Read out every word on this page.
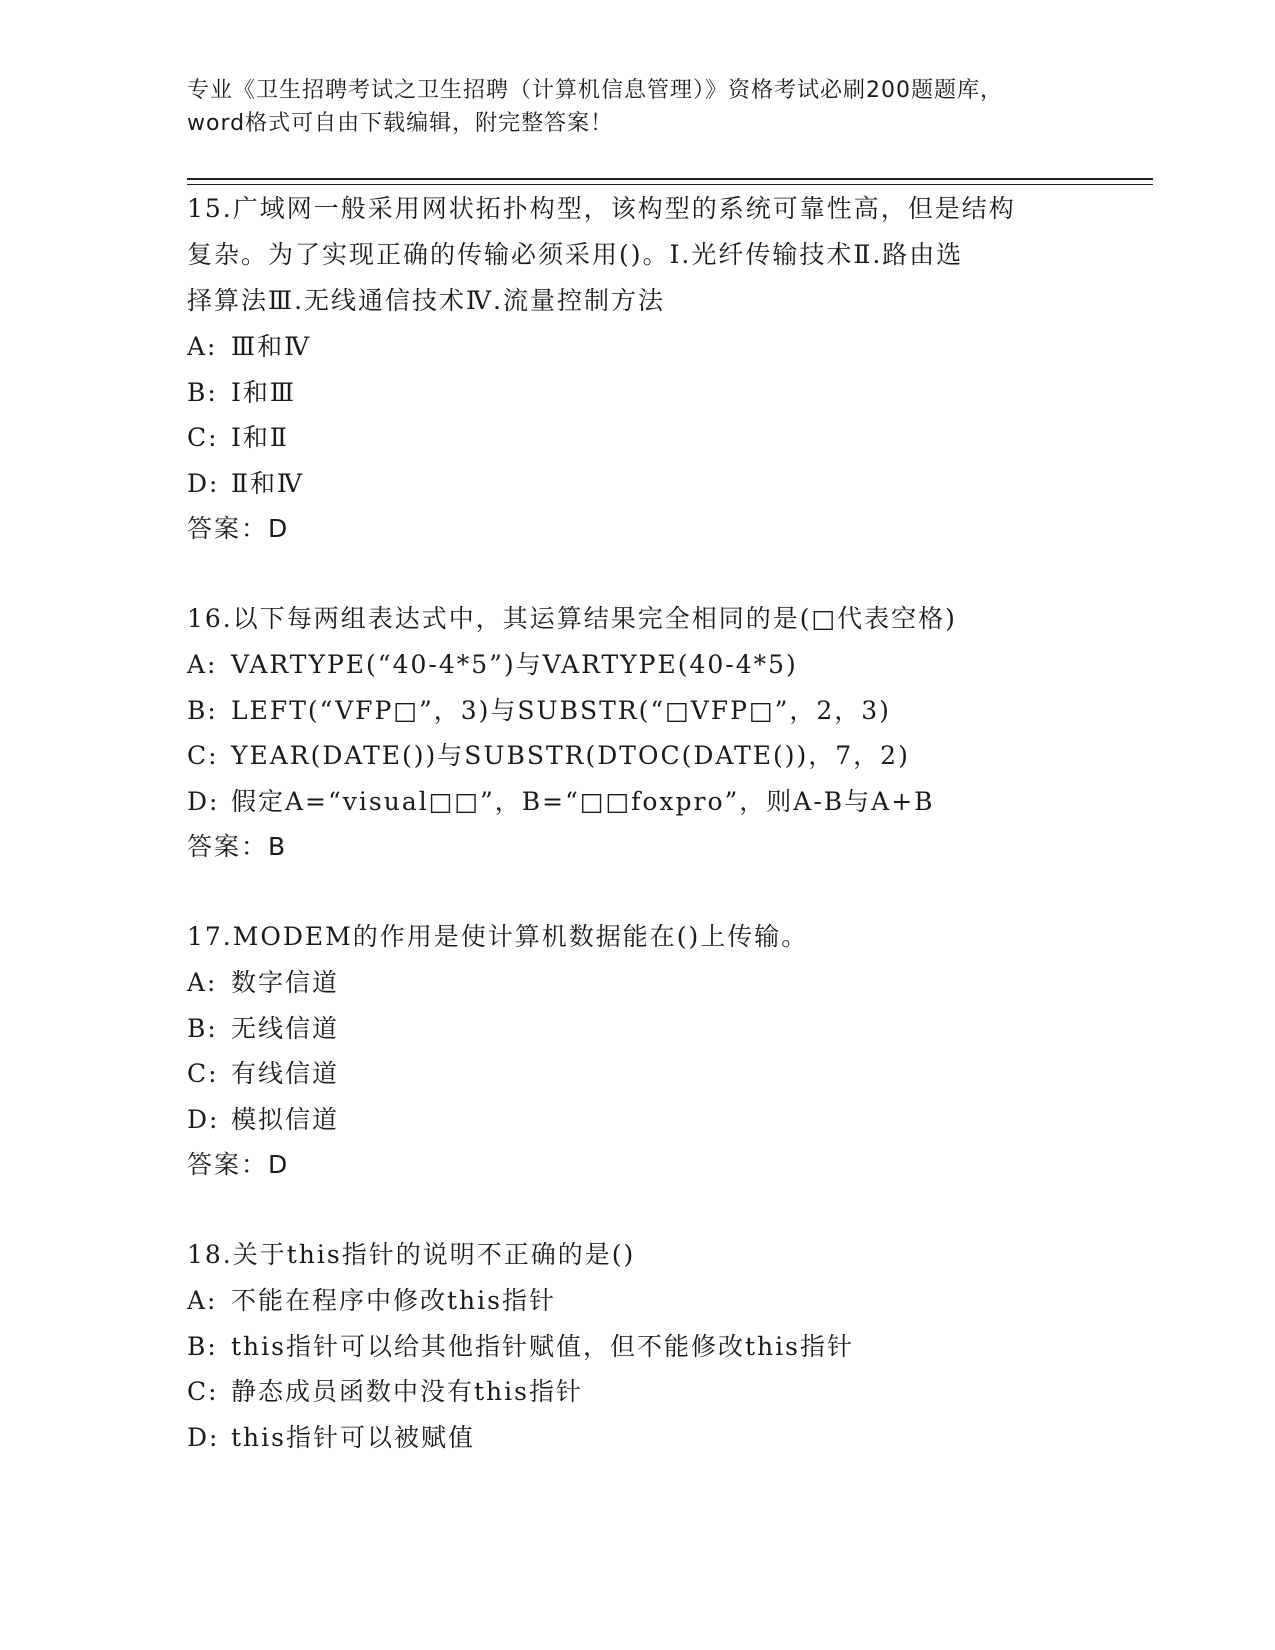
专业《卫生招聘考试之卫生招聘（计算机信息管理）》资格考试必刷200题题库，

word格式可自由下载编辑，附完整答案！

15.广域网一般采用网状拓扑构型，该构型的系统可靠性高，但是结构

复杂。为了实现正确的传输必须采用()。Ⅰ.光纤传输技术Ⅱ.路由选

择算法Ⅲ.无线通信技术Ⅳ.流量控制方法

A: Ⅲ和Ⅳ

B: Ⅰ和Ⅲ

C: Ⅰ和Ⅱ

D: Ⅱ和Ⅳ

答案：D

16.以下每两组表达式中，其运算结果完全相同的是(□代表空格)

A: VARTYPE(“40-4*5”)与VARTYPE(40-4*5)

B: LEFT(“VFP□”，3)与SUBSTR(“□VFP□”，2，3)

C: YEAR(DATE())与SUBSTR(DTOC(DATE())，7，2)

D: 假定A=“visual□□”，B=“□□foxpro”，则A-B与A+B

答案：B

17.MODEM的作用是使计算机数据能在()上传输。

A: 数字信道

B: 无线信道

C: 有线信道

D: 模拟信道

答案：D

18.关于this指针的说明不正确的是()

A: 不能在程序中修改this指针

B: this指针可以给其他指针赋值，但不能修改this指针

C: 静态成员函数中没有this指针

D: this指针可以被赋值
